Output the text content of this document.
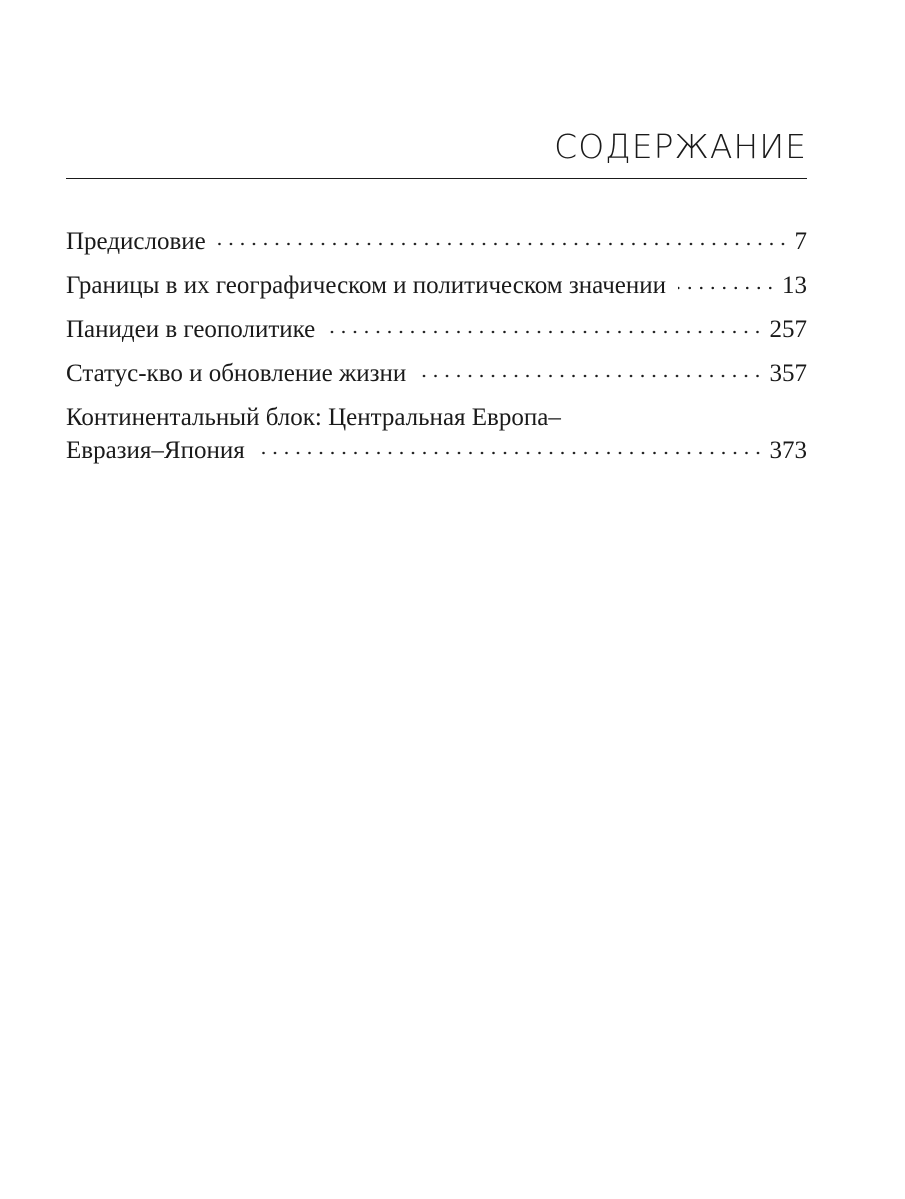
СОДЕРЖАНИЕ
Предисловие	7
Границы в их географическом и политическом значении	13
Панидеи в геополитике	257
Статус-кво и обновление жизни	357
Континентальный блок: Центральная Европа–
Евразия–Япония	373
